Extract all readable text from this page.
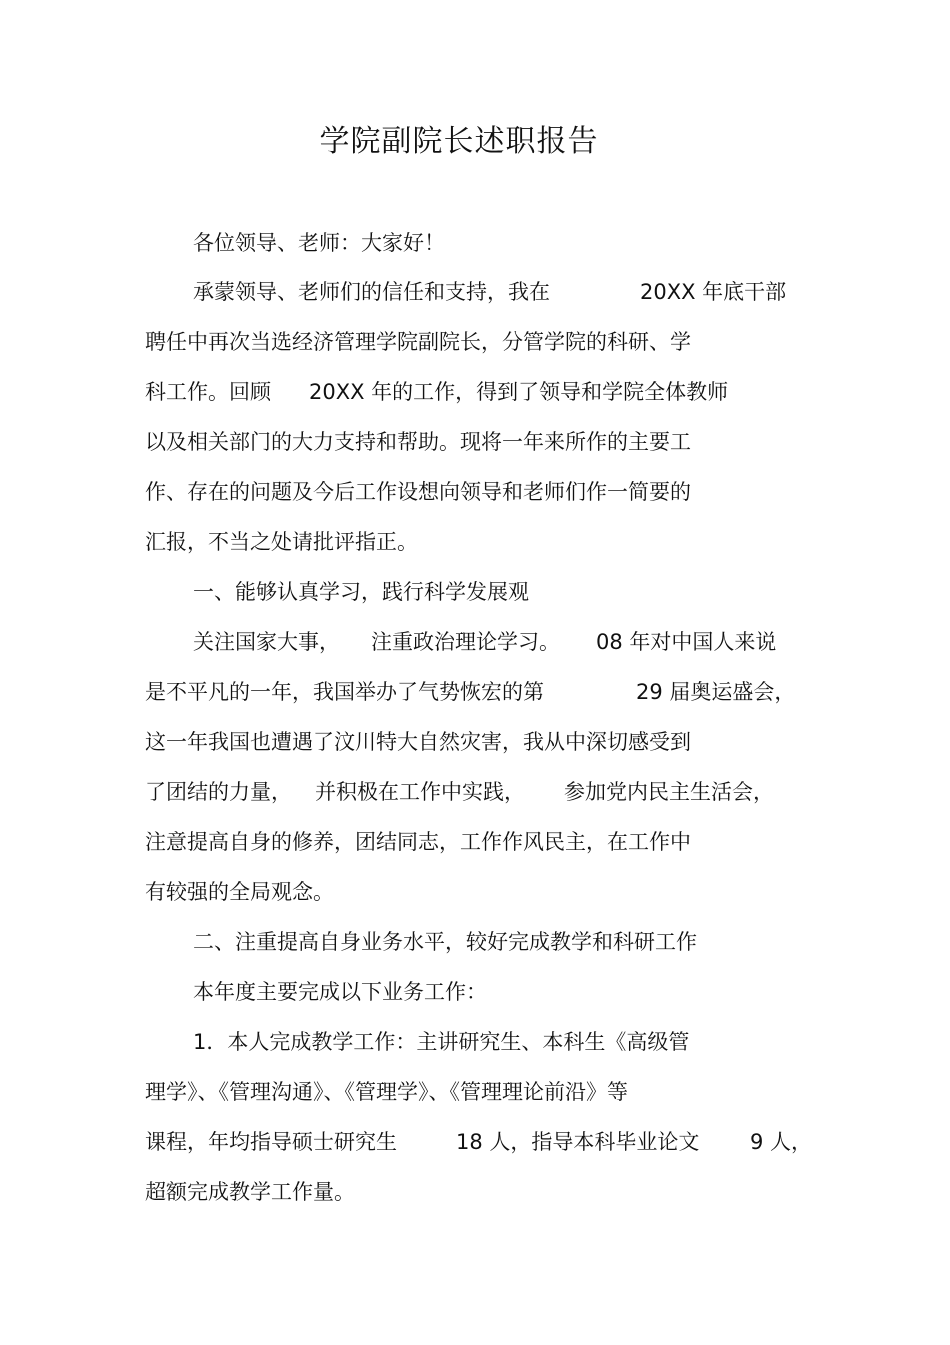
学院副院长述职报告

各位领导、老师：大家好！

承蒙领导、老师们的信任和支持，我在	20XX 年底干部

聘任中再次当选经济管理学院副院长，分管学院的科研、学

科工作。回顾 20XX 年的工作，得到了领导和学院全体教师

以及相关部门的大力支持和帮助。现将一年来所作的主要工

作、存在的问题及今后工作设想向领导和老师们作一简要的

汇报，不当之处请批评指正。

一、能够认真学习，践行科学发展观

关注国家大事， 注重政治理论学习。 08 年对中国人来说

是不平凡的一年，我国举办了气势恢宏的第	29 届奥运盛会，

这一年我国也遭遇了汶川特大自然灾害，我从中深切感受到

了团结的力量， 并积极在工作中实践， 参加党内民主生活会，

注意提高自身的修养，团结同志，工作作风民主，在工作中

有较强的全局观念。

二、注重提高自身业务水平，较好完成教学和科研工作

本年度主要完成以下业务工作：

1．本人完成教学工作：主讲研究生、本科生《高级管

理学》、《管理沟通》、《管理学》、《管理理论前沿》等

课程，年均指导硕士研究生	18 人，指导本科毕业论文 9 人，

超额完成教学工作量。
